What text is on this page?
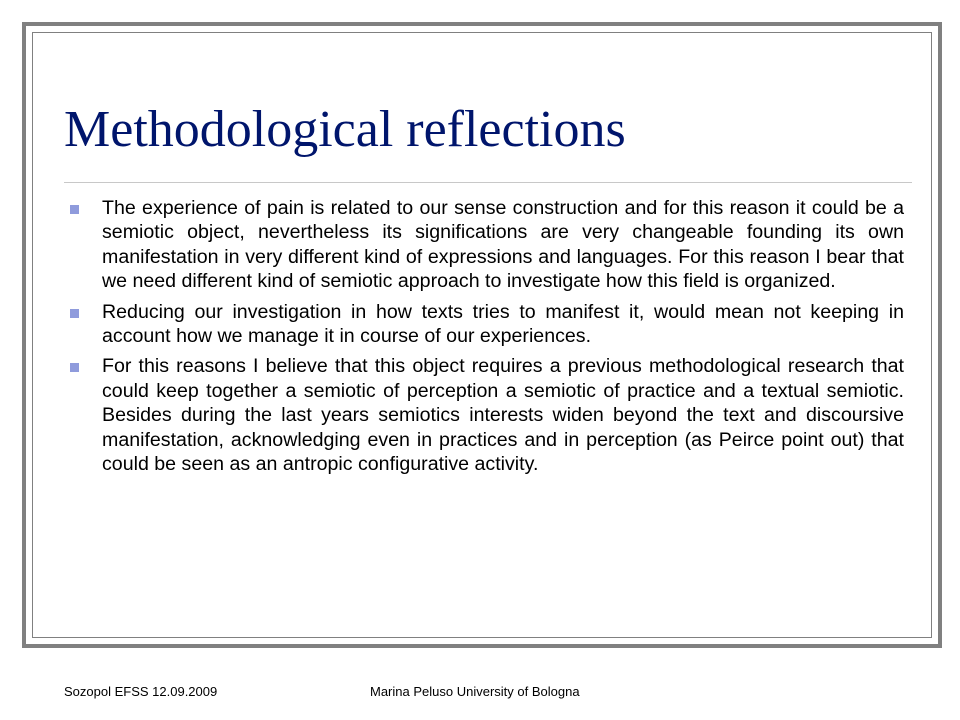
Methodological reflections
The experience of pain is related to our sense construction and for this reason it could be a semiotic object, nevertheless its significations are very changeable founding its own manifestation in very different kind of expressions and languages. For this reason I bear that we need different kind of semiotic approach to investigate how this field is organized.
Reducing our investigation in how texts tries to manifest it, would mean not keeping in account how we manage it in course of our experiences.
For this reasons I believe that this object requires a previous methodological research that could keep together a semiotic of perception a semiotic of practice and a textual semiotic. Besides during the last years semiotics interests widen beyond the text and discoursive manifestation, acknowledging even in practices and in perception (as Peirce point out) that could be seen as an antropic configurative activity.
Sozopol EFSS 12.09.2009	Marina Peluso University of Bologna
